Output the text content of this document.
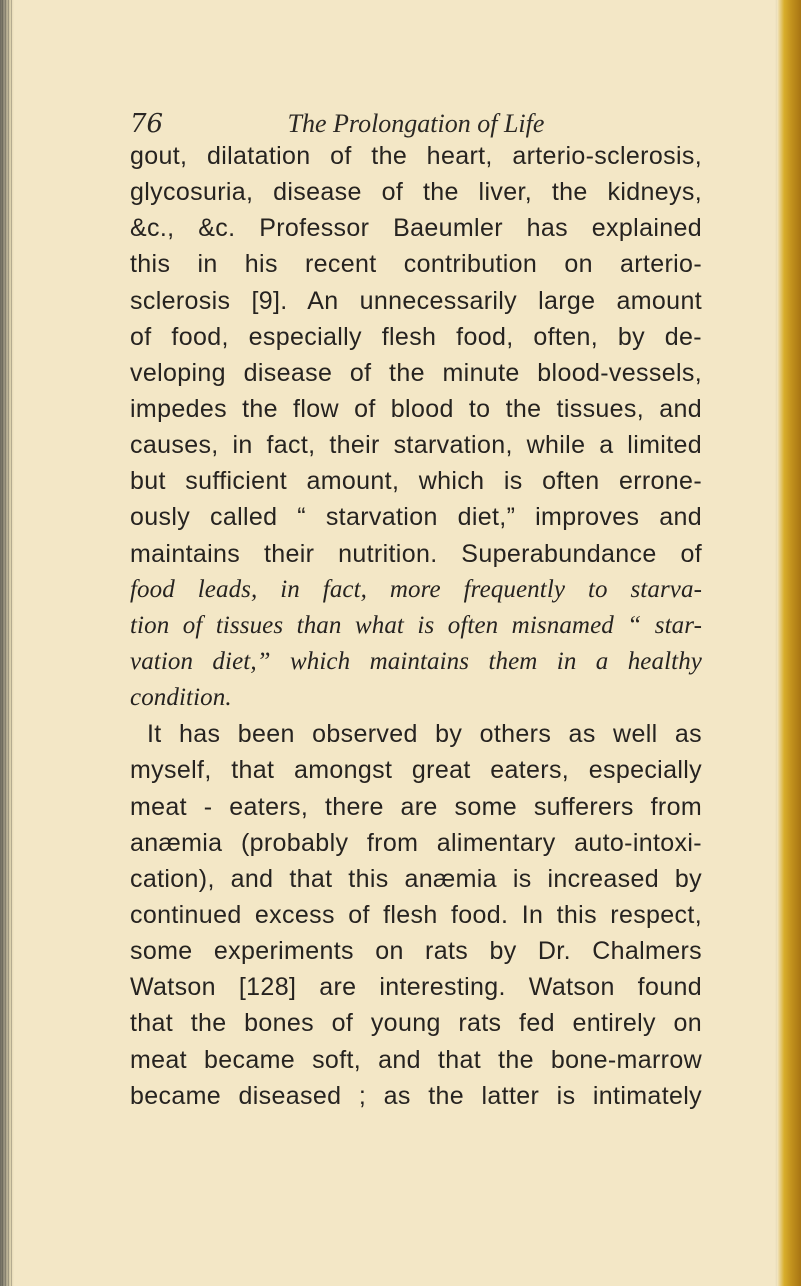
76	The Prolongation of Life
gout, dilatation of the heart, arterio-sclerosis,
glycosuria, disease of the liver, the kidneys,
&c., &c. Professor Baeumler has explained
this in his recent contribution on arterio-
sclerosis [9]. An unnecessarily large amount
of food, especially flesh food, often, by de-
veloping disease of the minute blood-vessels,
impedes the flow of blood to the tissues, and
causes, in fact, their starvation, while a limited
but sufficient amount, which is often errone-
ously called “ starvation diet,” improves and
maintains their nutrition. Superabundance of
food leads, in fact, more frequently to starva-
tion of tissues than what is often misnamed “ star-
vation diet,” which maintains them in a healthy
condition.
It has been observed by others as well as
myself, that amongst great eaters, especially
meat - eaters, there are some sufferers from
anæmia (probably from alimentary auto-intoxi-
cation), and that this anæmia is increased by
continued excess of flesh food. In this respect,
some experiments on rats by Dr. Chalmers
Watson [128] are interesting. Watson found
that the bones of young rats fed entirely on
meat became soft, and that the bone-marrow
became diseased ; as the latter is intimately
